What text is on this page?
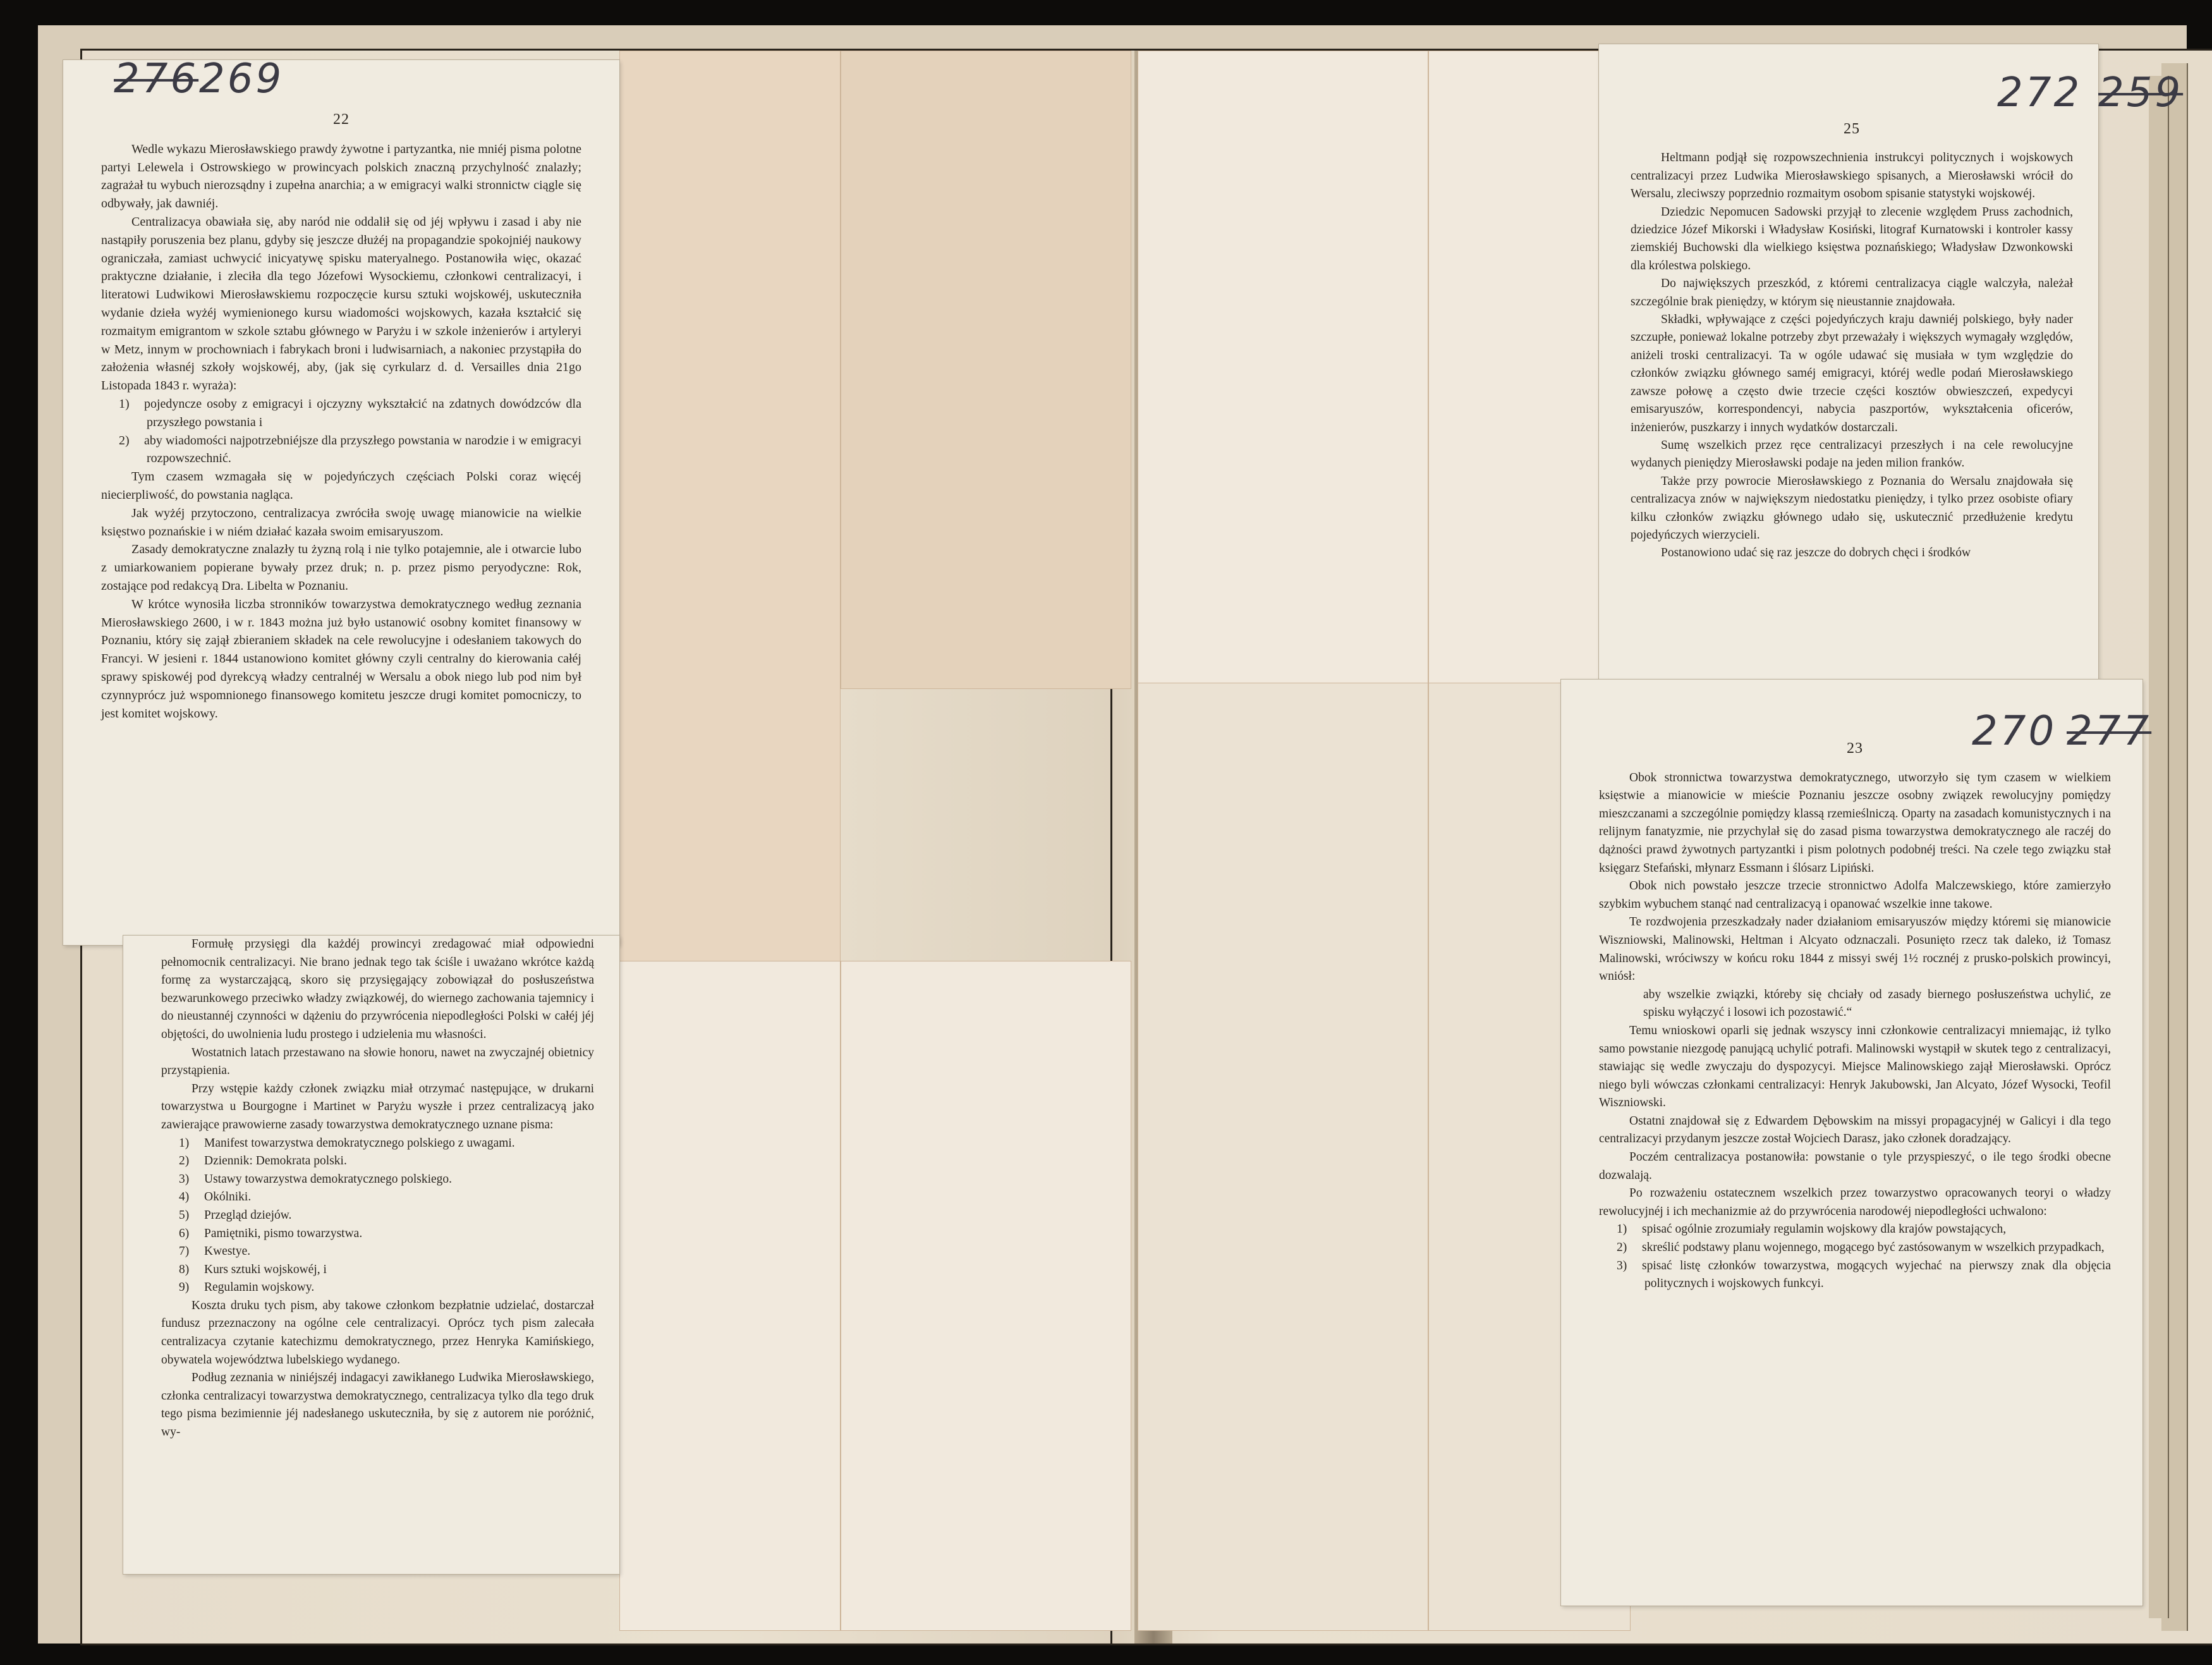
22

Wedle wykazu Mierosławskiego prawdy żywotne i partyzantka, nie mniéj pisma polotne partyi Lelewela i Ostrowskiego w prowincyach polskich znaczną przychylność znalazły; zagrażał tu wybuch nierozsądny i zupełna anarchia; a w emigracyi walki stronnictw ciągle się odbywały, jak dawniéj.

Centralizacya obawiała się, aby naród nie oddalił się od jéj wpływu i zasad i aby nie nastąpiły poruszenia bez planu, gdyby się jeszcze dłużéj na propagandzie spokojniéj naukowy ograniczała, zamiast uchwycić inicyatywę spisku materyalnego. Postanowiła więc, okazać praktyczne działanie, i zleciła dla tego Józefowi Wysockiemu, członkowi centralizacyi, i literatowi Ludwikowi Mierosławskiemu rozpoczęcie kursu sztuki wojskowéj, uskuteczniła wydanie dzieła wyżéj wymienionego kursu wiadomości wojskowych, kazała kształcić się rozmaitym emigrantom w szkole sztabu głównego w Paryżu i w szkole inżenierów i artyleryi w Metz, innym w prochowniach i fabrykach broni i ludwisarniach, a nakoniec przystąpiła do założenia własnéj szkoły wojskowéj, aby, (jak się cyrkularz d. d. Versailles dnia 21go Listopada 1843 r. wyraża):

1) pojedyncze osoby z emigracyi i ojczyzny wykształcić na zdatnych dowódzców dla przyszłego powstania i
2) aby wiadomości najpotrzebniéjsze dla przyszłego powstania w narodzie i w emigracyi rozpowszechnić.

Tym czasem wzmagała się w pojedyńczych częściach Polski coraz więcéj niecierpliwość, do powstania nagląca.

Jak wyżéj przytoczono, centralizacya zwróciła swoję uwagę mianowicie na wielkie księstwo poznańskie i w niém działać kazała swoim emisaryuszom.

Zasady demokratyczne znalazły tu żyzną rolą i nie tylko potajemnie, ale i otwarcie lubo z umiarkowaniem popierane bywały przez druk; n. p. przez pismo peryodyczne: Rok, zostające pod redakcyą Dra. Libelta w Poznaniu.

W krótce wynosiła liczba stronników towarzystwa demokratycznego według zeznania Mierosławskiego 2600, i w r. 1843 można już było ustanowić osobny komitet finansowy w Poznaniu, który się zajął zbieraniem składek na cele rewolucyjne i odesłaniem takowych do Francyi. W jesieni r. 1844 ustanowiono komitet główny czyli centralny do kierowania całéj sprawy spiskowéj pod dyrekcyą władzy centralnéj w Wersalu a obok niego lub pod nim był czynnyprócz już wspomnionego finansowego komitetu jeszcze drugi komitet pomocniczy, to jest komitet wojskowy.

276 269

Formułę przysięgi dla każdéj prowincyi zredagować miał odpowiedni pełnomocnik centralizacyi. Nie brano jednak tego tak ściśle i uważano wkrótce każdą formę za wystarczającą, skoro się przysięgający zobowiązał do posłuszeństwa bezwarunkowego przeciwko władzy związkowéj, do wiernego zachowania tajemnicy i do nieustannéj czynności w dążeniu do przywrócenia niepodległości Polski w całéj jéj objętości, do uwolnienia ludu prostego i udzielenia mu własności.

Wostatnich latach przestawano na słowie honoru, nawet na zwyczajnéj obietnicy przystąpienia.

Przy wstępie każdy członek związku miał otrzymać następujące, w drukarni towarzystwa u Bourgogne i Martinet w Paryżu wyszłe i przez centralizacyą jako zawierające prawowierne zasady towarzystwa demokratycznego uznane pisma:

1) Manifest towarzystwa demokratycznego polskiego z uwagami.
2) Dziennik: Demokrata polski.
3) Ustawy towarzystwa demokratycznego polskiego.
4) Okólniki.
5) Przegląd dziejów.
6) Pamiętniki, pismo towarzystwa.
7) Kwestye.
8) Kurs sztuki wojskowéj, i
9) Regulamin wojskowy.

Koszta druku tych pism, aby takowe członkom bezpłatnie udzielać, dostarczał fundusz przeznaczony na ogólne cele centralizacyi. Oprócz tych pism zalecała centralizacya czytanie katechizmu demokratycznego, przez Henryka Kamińskiego, obywatela województwa lubelskiego wydanego.

Podług zeznania w niniéjszéj indagacyi zawikłanego Ludwika Mierosławskiego, członka centralizacyi towarzystwa demokratycznego, centralizacya tylko dla tego druk tego pisma bezimiennie jéj nadesłanego uskuteczniła, by się z autorem nie poróżnić, wy-

25

Heltmann podjął się rozpowszechnienia instrukcyi politycznych i wojskowych centralizacyi przez Ludwika Mierosławskiego spisanych, a Mierosławski wrócił do Wersalu, zleciwszy poprzednio rozmaitym osobom spisanie statystyki wojskowéj.

Dziedzic Nepomucen Sadowski przyjął to zlecenie względem Pruss zachodnich, dziedzice Józef Mikorski i Władysław Kosiński, litograf Kurnatowski i kontroler kassy ziemskiéj Buchowski dla wielkiego księstwa poznańskiego; Władysław Dzwonkowski dla królestwa polskiego.

Do największych przeszkód, z któremi centralizacya ciągle walczyła, należał szczególnie brak pieniędzy, w którym się nieustannie znajdowała.

Składki, wpływające z części pojedyńczych kraju dawniéj polskiego, były nader szczupłe, ponieważ lokalne potrzeby zbyt przeważały i większych wymagały względów, aniżeli troski centralizacyi. Ta w ogóle udawać się musiała w tym względzie do członków związku głównego saméj emigracyi, któréj wedle podań Mierosławskiego zawsze połowę a często dwie trzecie części kosztów obwieszczeń, expedycyi emisaryuszów, korrespondencyi, nabycia paszportów, wykształcenia oficerów, inżenierów, puszkarzy i innych wydatków dostarczali.

Sumę wszelkich przez ręce centralizacyi przeszłych i na cele rewolucyjne wydanych pieniędzy Mierosławski podaje na jeden milion franków.

Także przy powrocie Mierosławskiego z Poznania do Wersalu znajdowała się centralizacya znów w największym niedostatku pieniędzy, i tylko przez osobiste ofiary kilku członków związku głównego udało się, uskutecznić przedłużenie kredytu pojedyńczych wierzycieli.

Postanowiono udać się raz jeszcze do dobrych chęci i środków

272 259
23

Obok stronnictwa towarzystwa demokratycznego, utworzyło się tym czasem w wielkiem księstwie a mianowicie w mieście Poznaniu jeszcze osobny związek rewolucyjny pomiędzy mieszczanami a szczególnie pomiędzy klassą rzemieślniczą. Oparty na zasadach komunistycznych i na relijnym fanatyzmie, nie przychylał się do zasad pisma towarzystwa demokratycznego ale raczéj do dążności prawd żywotnych partyzantki i pism polotnych podobnéj treści. Na czele tego związku stał księgarz Stefański, młynarz Essmann i ślósarz Lipiński.

Obok nich powstało jeszcze trzecie stronnictwo Adolfa Malczewskiego, które zamierzyło szybkim wybuchem stanąć nad centralizacyą i opanować wszelkie inne takowe.

Te rozdwojenia przeszkadzały nader działaniom emisaryuszów między któremi się mianowicie Wiszniowski, Malinowski, Heltman i Alcyato odznaczali. Posunięto rzecz tak daleko, iż Tomasz Malinowski, wróciwszy w końcu roku 1844 z missyi swéj 1½ rocznéj z prusko-polskich prowincyi, wniósł:

aby wszelkie związki, któreby się chciały od zasady biernego posłuszeństwa uchylić, ze spisku wyłączyć i losowi ich pozostawić.“

Temu wnioskowi oparli się jednak wszyscy inni członkowie centralizacyi mniemając, iż tylko samo powstanie niezgodę panującą uchylić potrafi. Malinowski wystąpił w skutek tego z centralizacyi, stawiając się wedle zwyczaju do dyspozycyi. Miejsce Malinowskiego zajął Mierosławski. Oprócz niego byli wówczas członkami centralizacyi: Henryk Jakubowski, Jan Alcyato, Józef Wysocki, Teofil Wiszniowski.

Ostatni znajdował się z Edwardem Dębowskim na missyi propagacyjnéj w Galicyi i dla tego centralizacyi przydanym jeszcze został Wojciech Darasz, jako członek doradzający.

Poczém centralizacya postanowiła: powstanie o tyle przyspieszyć, o ile tego środki obecne dozwalają.

Po rozważeniu ostatecznem wszelkich przez towarzystwo opracowanych teoryi o władzy rewolucyjnéj i ich mechanizmie aż do przywrócenia narodowéj niepodległości uchwalono:

1) spisać ogólnie zrozumiały regulamin wojskowy dla krajów powstających,
2) skreślić podstawy planu wojennego, mogącego być zastósowanym w wszelkich przypadkach,
3) spisać listę członków towarzystwa, mogących wyjechać na pierwszy znak dla objęcia politycznych i wojskowych funkcyi.
270 277
